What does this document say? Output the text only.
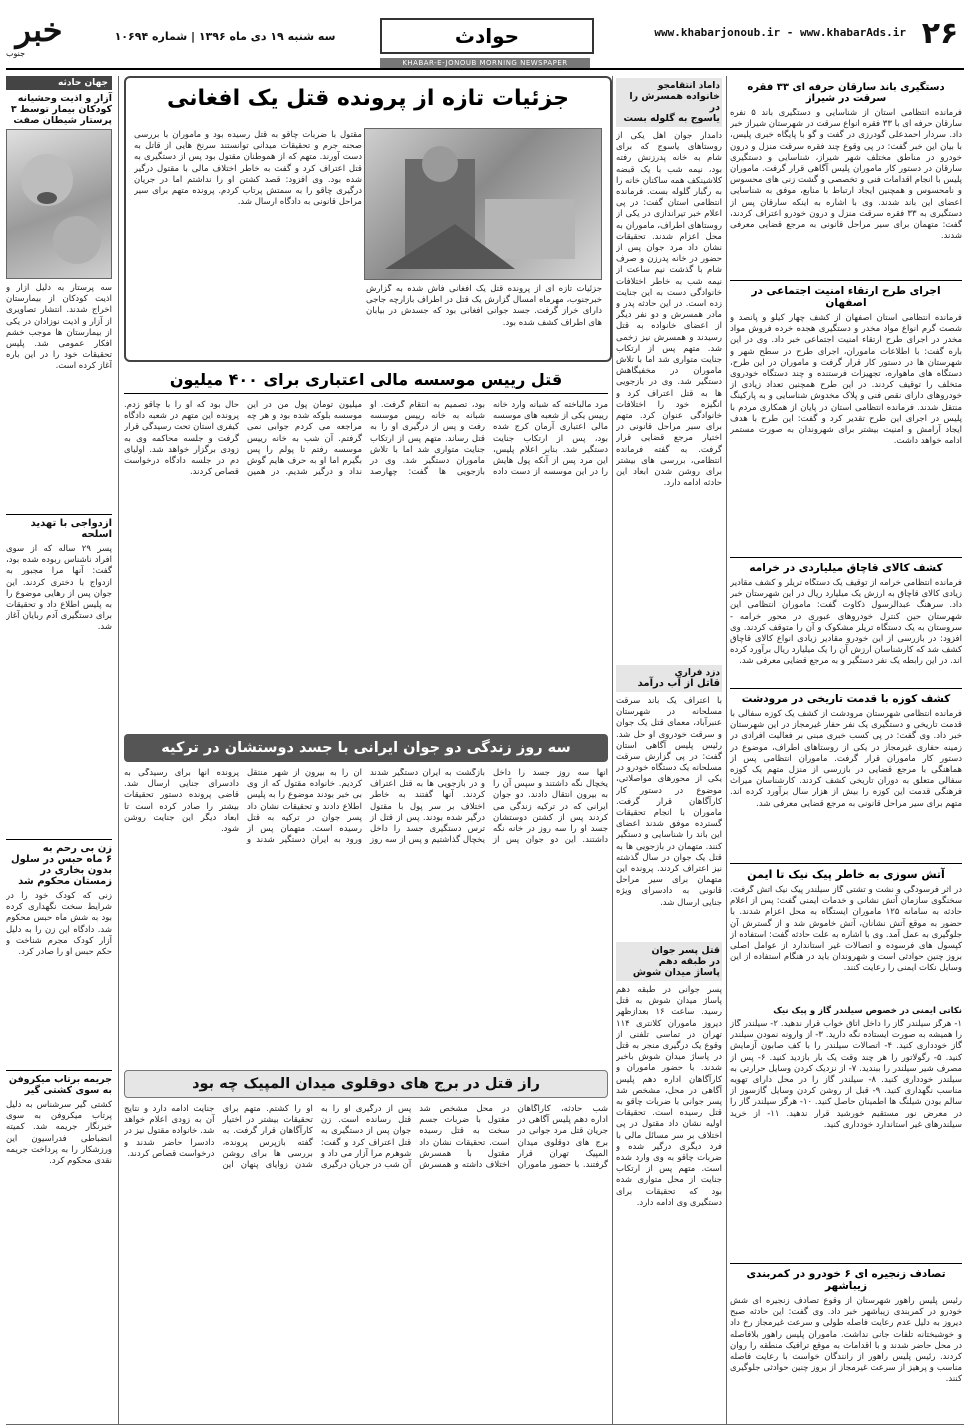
۲۶
www.khabarjonoub.ir - www.khabarAds.ir
حوادث
سه شنبه ۱۹ دی ماه ۱۳۹۶ | شماره ۱۰۶۹۴
خبر
جنوب
KHABAR-E-JONOUB MORNING NEWSPAPER
دستگیری باند سارقان حرفه ای ۳۳ فقره سرقت در شیراز
فرمانده انتظامی استان از شناسایی و دستگیری باند ۵ نفره سارقان حرفه ای با ۳۳ فقره انواع سرقت در شهرستان شیراز خبر داد. سردار احمدعلی گودرزی در گفت و گو با پایگاه خبری پلیس، با بیان این خبر گفت: در پی وقوع چند فقره سرقت منزل و درون خودرو در مناطق مختلف شهر شیراز، شناسایی و دستگیری سارقان در دستور کار ماموران پلیس آگاهی قرار گرفت. ماموران پلیس با انجام اقدامات فنی و تخصصی و گشت زنی های محسوس و نامحسوس و همچنین ایجاد ارتباط با منابع، موفق به شناسایی اعضای این باند شدند. وی با اشاره به اینکه سارقان پس از دستگیری به ۳۳ فقره سرقت منزل و درون خودرو اعتراف کردند، گفت: متهمان برای سیر مراحل قانونی به مرجع قضایی معرفی شدند.
اجرای طرح ارتقاء امنیت اجتماعی در اصفهان
فرمانده انتظامی استان اصفهان از کشف چهار کیلو و پانصد و شصت گرم انواع مواد مخدر و دستگیری هجده خرده فروش مواد مخدر در اجرای طرح ارتقاء امنیت اجتماعی خبر داد. وی در این باره گفت: با اطلاعات ماموران، اجرای طرح در سطح شهر و شهرستان ها در دستور کار قرار گرفت و ماموران در این طرح، دستگاه های ماهواره، تجهیزات فرستنده و چند دستگاه خودروی متخلف را توقیف کردند. در این طرح همچنین تعداد زیادی از خودروهای دارای نقص فنی و پلاک مخدوش شناسایی و به پارکینگ منتقل شدند. فرمانده انتظامی استان در پایان از همکاری مردم با پلیس در اجرای این طرح تقدیر کرد و گفت: این طرح با هدف ایجاد آرامش و امنیت بیشتر برای شهروندان به صورت مستمر ادامه خواهد داشت.
کشف کالای قاچاق میلیاردی در خرامه
فرمانده انتظامی خرامه از توقیف یک دستگاه تریلر و کشف مقادیر زیادی کالای قاچاق به ارزش یک میلیارد ریال در این شهرستان خبر داد. سرهنگ عبدالرسول ذکاوت گفت: ماموران انتظامی این شهرستان حین کنترل خودروهای عبوری در محور خرامه - سروستان به یک دستگاه تریلر مشکوک و آن را متوقف کردند. وی افزود: در بازرسی از این خودرو مقادیر زیادی انواع کالای قاچاق کشف شد که کارشناسان ارزش آن را یک میلیارد ریال برآورد کرده اند. در این رابطه یک نفر دستگیر و به مرجع قضایی معرفی شد.
کشف کوزه با قدمت تاریخی در مرودشت
فرمانده انتظامی شهرستان مرودشت از کشف یک کوزه سفالی با قدمت تاریخی و دستگیری یک نفر حفار غیرمجاز در این شهرستان خبر داد. وی گفت: در پی کسب خبری مبنی بر فعالیت افرادی در زمینه حفاری غیرمجاز در یکی از روستاهای اطراف، موضوع در دستور کار ماموران قرار گرفت. ماموران انتظامی پس از هماهنگی با مرجع قضایی در بازرسی از منزل متهم یک کوزه سفالی متعلق به دوران تاریخی کشف کردند. کارشناسان میراث فرهنگی قدمت این کوزه را بیش از هزار سال برآورد کرده اند. متهم برای سیر مراحل قانونی به مرجع قضایی معرفی شد.
آتش سوزی به خاطر پیک نیک تا ایمن
در اثر فرسودگی و نشت و تشتی گاز سیلندر پیک نیک آتش گرفت. سخنگوی سازمان آتش نشانی و خدمات ایمنی گفت: پس از اعلام حادثه به سامانه ۱۲۵ ماموران ایستگاه به محل اعزام شدند. با حضور به موقع آتش نشانان، آتش خاموش شد و از گسترش آن جلوگیری به عمل آمد. وی با اشاره به علت حادثه گفت: استفاده از کپسول های فرسوده و اتصالات غیر استاندارد از عوامل اصلی بروز چنین حوادثی است و شهروندان باید در هنگام استفاده از این وسایل نکات ایمنی را رعایت کنند.
نکاتی ایمنی در خصوص سیلندر گاز و پیک نیک
۱- هرگز سیلندر گاز را داخل اتاق خواب قرار ندهید. ۲- سیلندر گاز را همیشه به صورت ایستاده نگه دارید. ۳- از وارونه نمودن سیلندر گاز خودداری کنید. ۴- اتصالات سیلندر را با کف صابون آزمایش کنید. ۵- رگولاتور را هر چند وقت یک بار بازدید کنید. ۶- پس از مصرف شیر سیلندر را ببندید. ۷- از نزدیک کردن وسایل حرارتی به سیلندر خودداری کنید. ۸- سیلندر گاز را در محل دارای تهویه مناسب نگهداری کنید. ۹- قبل از روشن کردن وسایل گازسوز از سالم بودن شیلنگ ها اطمینان حاصل کنید. ۱۰- هرگز سیلندر گاز را در معرض نور مستقیم خورشید قرار ندهید. ۱۱- از خرید سیلندرهای غیر استاندارد خودداری کنید.
تصادف زنجیره ای ۶ خودرو در کمربندی زیباشهر
رئیس پلیس راهور شهرستان از وقوع تصادف زنجیره ای شش خودرو در کمربندی زیباشهر خبر داد. وی گفت: این حادثه صبح دیروز به دلیل عدم رعایت فاصله طولی و سرعت غیرمجاز رخ داد و خوشبختانه تلفات جانی نداشت. ماموران پلیس راهور بلافاصله در محل حاضر شدند و با اقدامات به موقع ترافیک منطقه را روان کردند. رئیس پلیس راهور از رانندگان خواست با رعایت فاصله مناسب و پرهیز از سرعت غیرمجاز از بروز چنین حوادثی جلوگیری کنند.
داماد انتقامجو
خانواده همسرش را در
یاسوج به گلوله بست
دامدار جوان اهل یکی از روستاهای یاسوج که برای شام به خانه پدرزنش رفته بود، نیمه شب با یک قبضه کلاشینکف همه ساکنان خانه را به رگبار گلوله بست. فرمانده انتظامی استان گفت: در پی اعلام خبر تیراندازی در یکی از روستاهای اطراف، ماموران به محل اعزام شدند. تحقیقات نشان داد مرد جوان پس از حضور در خانه پدرزن و صرف شام با گذشت نیم ساعت از نیمه شب به خاطر اختلافات خانوادگی دست به این جنایت زده است. در این حادثه پدر و مادر همسرش و دو نفر دیگر از اعضای خانواده به قتل رسیدند و همسرش نیز زخمی شد. متهم پس از ارتکاب جنایت متواری شد اما با تلاش ماموران در مخفیگاهش دستگیر شد. وی در بازجویی ها به قتل اعتراف کرد و انگیزه خود را اختلافات خانوادگی عنوان کرد. متهم برای سیر مراحل قانونی در اختیار مرجع قضایی قرار گرفت. به گفته فرمانده انتظامی، بررسی های بیشتر برای روشن شدن ابعاد این حادثه ادامه دارد.
دزد فراری
قاتل از آب درآمد
با اعتراف یک باند سرقت مسلحانه در شهرستان عنبرآباد، معمای قتل یک جوان و سرقت خودروی او حل شد. رئیس پلیس آگاهی استان گفت: در پی گزارش سرقت مسلحانه یک دستگاه خودرو در یکی از محورهای مواصلاتی، موضوع در دستور کار کارآگاهان قرار گرفت. ماموران با انجام تحقیقات گسترده موفق شدند اعضای این باند را شناسایی و دستگیر کنند. متهمان در بازجویی ها به قتل یک جوان در سال گذشته نیز اعتراف کردند. پرونده این متهمان برای سیر مراحل قانونی به دادسرای ویژه جنایی ارسال شد.
قتل پسر جوان
در طبقه دهم
پاساژ میدان شوش
پسر جوانی در طبقه دهم پاساژ میدان شوش به قتل رسید. ساعت ۱۶ بعدازظهر دیروز ماموران کلانتری ۱۱۴ تهران در تماسی تلفنی از وقوع یک درگیری منجر به قتل در پاساژ میدان شوش باخبر شدند. با حضور ماموران و کارآگاهان اداره دهم پلیس آگاهی در محل، مشخص شد پسر جوانی با ضربات چاقو به قتل رسیده است. تحقیقات اولیه نشان داد مقتول در پی اختلاف بر سر مسائل مالی با فرد دیگری درگیر شده و ضربات چاقو به وی وارد شده است. متهم پس از ارتکاب جنایت از محل متواری شده بود که تحقیقات برای دستگیری وی ادامه دارد.
جزئیات تازه از پرونده قتل یک افغانی
جزئیات تازه ای از پرونده قتل یک افغانی فاش شده به گزارش خبرجنوب، مهرماه امسال گزارش یک قتل در اطراف بازارچه جاجی دارای خراز گرفت. جسد جوانی افغانی بود که جسدش در بیابان های اطراف کشف شده بود.
مقتول با ضربات چاقو به قتل رسیده بود و ماموران با بررسی صحنه جرم و تحقیقات میدانی توانستند سرنخ هایی از قاتل به دست آورند. متهم که از هموطنان مقتول بود پس از دستگیری به قتل اعتراف کرد و گفت به خاطر اختلاف مالی با مقتول درگیر شده بود. وی افزود: قصد کشتن او را نداشتم اما در جریان درگیری چاقو را به سمتش پرتاب کردم. پرونده متهم برای سیر مراحل قانونی به دادگاه ارسال شد.
قتل رییس موسسه مالی اعتباری برای ۴۰۰ میلیون
مرد مالباخته که شبانه وارد خانه رییس یکی از شعبه های موسسه مالی اعتباری آرمان کرج شده بود، پس از ارتکاب جنایت دستگیر شد. بنابر اعلام پلیس، این مرد پس از آنکه پول هایش را در این موسسه از دست داده بود، تصمیم به انتقام گرفت. او شبانه به خانه رییس موسسه رفت و پس از درگیری او را به قتل رساند. متهم پس از ارتکاب جنایت متواری شد اما با تلاش ماموران دستگیر شد. وی در بازجویی ها گفت: چهارصد میلیون تومان پول من در این موسسه بلوکه شده بود و هر چه مراجعه می کردم جوابی نمی گرفتم. آن شب به خانه رییس موسسه رفتم تا پولم را پس بگیرم اما او به حرف هایم گوش نداد و درگیر شدیم. در همین حال بود که او را با چاقو زدم. پرونده این متهم در شعبه دادگاه کیفری استان تحت رسیدگی قرار گرفت و جلسه محاکمه وی به زودی برگزار خواهد شد. اولیای دم در جلسه دادگاه درخواست قصاص کردند.
سه روز زندگی دو جوان ایرانی با جسد دوستشان در ترکیه
آنها سه روز جسد را داخل یخچال نگه داشتند و سپس آن را به بیرون انتقال دادند. دو جوان ایرانی که در ترکیه زندگی می کردند پس از کشتن دوستشان جسد او را سه روز در خانه نگه داشتند. این دو جوان پس از بازگشت به ایران دستگیر شدند و در بازجویی ها به قتل اعتراف کردند. آنها گفتند به خاطر اختلاف بر سر پول با مقتول درگیر شده بودند. پس از قتل از ترس دستگیری جسد را داخل یخچال گذاشتیم و پس از سه روز آن را به بیرون از شهر منتقل کردیم. خانواده مقتول که از وی بی خبر بودند موضوع را به پلیس اطلاع دادند و تحقیقات نشان داد پسر جوان در ترکیه به قتل رسیده است. متهمان پس از ورود به ایران دستگیر شدند و پرونده آنها برای رسیدگی به دادسرای جنایی ارسال شد. قاضی پرونده دستور تحقیقات بیشتر را صادر کرده است تا ابعاد دیگر این جنایت روشن شود.
راز قتل در برج های دوقلوی میدان المپیک چه بود
شب حادثه، کارآگاهان اداره دهم پلیس آگاهی در جریان قتل مرد جوانی در برج های دوقلوی میدان المپیک تهران قرار گرفتند. با حضور ماموران در محل مشخص شد مقتول با ضربات جسم سخت به قتل رسیده است. تحقیقات نشان داد مقتول با همسرش اختلاف داشته و همسرش پس از درگیری او را به قتل رسانده است. زن جوان پس از دستگیری به قتل اعتراف کرد و گفت: شوهرم مرا آزار می داد و آن شب در جریان درگیری او را کشتم. متهم برای تحقیقات بیشتر در اختیار کارآگاهان قرار گرفت. به گفته بازپرس پرونده، بررسی ها برای روشن شدن زوایای پنهان این جنایت ادامه دارد و نتایج آن به زودی اعلام خواهد شد. خانواده مقتول نیز در دادسرا حاضر شدند و درخواست قصاص کردند.
جهان حادثه
آزار و اذیت وحشیانه
کودکان بیمار توسط ۳
پرستار شیطان صفت
سه پرستار به دلیل آزار و اذیت کودکان از بیمارستان اخراج شدند. انتشار تصاویری از آزار و اذیت نوزادان در یکی از بیمارستان ها موجب خشم افکار عمومی شد. پلیس تحقیقات خود را در این باره آغاز کرده است.
ازدواجی با تهدید
اسلحه
پسر ۲۹ ساله که از سوی افراد ناشناس ربوده شده بود، گفت: آنها مرا مجبور به ازدواج با دختری کردند. این جوان پس از رهایی موضوع را به پلیس اطلاع داد و تحقیقات برای دستگیری آدم ربایان آغاز شد.
زن بی رحم به
۶ ماه حبس در سلول
بدون بخاری در
زمستان محکوم شد
زنی که کودک خود را در شرایط سخت نگهداری کرده بود به شش ماه حبس محکوم شد. دادگاه این زن را به دلیل آزار کودک مجرم شناخت و حکم حبس او را صادر کرد.
جریمه برتاب میکروفن
به سوی کشتی گیر
کشتی گیر سرشناس به دلیل پرتاب میکروفن به سوی خبرنگار جریمه شد. کمیته انضباطی فدراسیون این ورزشکار را به پرداخت جریمه نقدی محکوم کرد.
